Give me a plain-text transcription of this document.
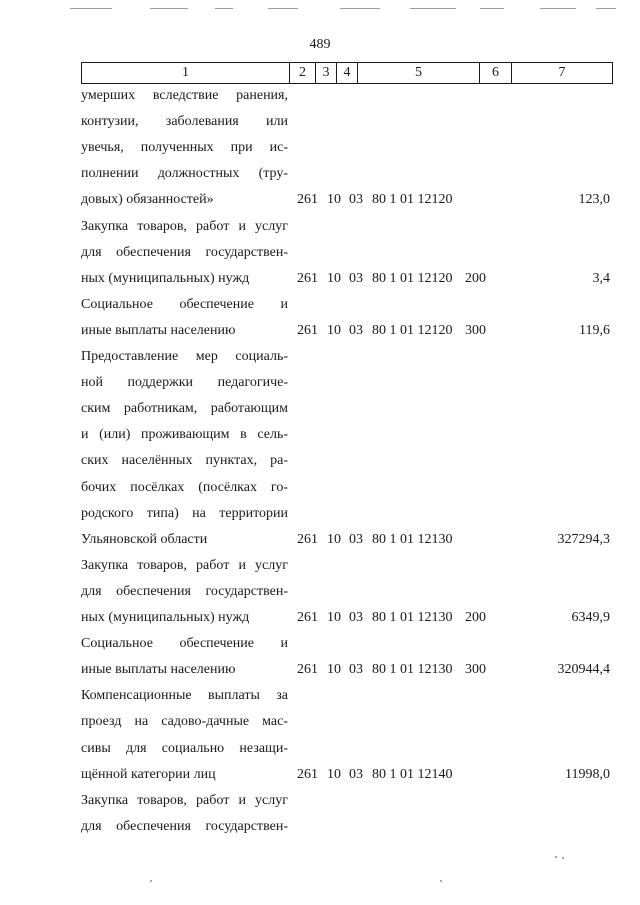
489
1	2	3	4	5	6	7
умерших вследствие ранения,
контузии, заболевания или
увечья, полученных при ис-
полнении должностных (тру-
довых) обязанностей»	261 10 03 80 1 01 12120	123,0
Закупка товаров, работ и услуг
для обеспечения государствен-
ных (муниципальных) нужд	261 10 03 80 1 01 12120 200	3,4
Социальное обеспечение и
иные выплаты населению	261 10 03 80 1 01 12120 300	119,6
Предоставление мер социаль-
ной поддержки педагогиче-
ским работникам, работающим
и (или) проживающим в сель-
ских населённых пунктах, ра-
бочих посёлках (посёлках го-
родского типа) на территории
Ульяновской области	261 10 03 80 1 01 12130	327294,3
Закупка товаров, работ и услуг
для обеспечения государствен-
ных (муниципальных) нужд	261 10 03 80 1 01 12130 200	6349,9
Социальное обеспечение и
иные выплаты населению	261 10 03 80 1 01 12130 300	320944,4
Компенсационные выплаты за
проезд на садово-дачные мас-
сивы для социально незащи-
щённой категории лиц	261 10 03 80 1 01 12140	11998,0
Закупка товаров, работ и услуг
для обеспечения государствен-
